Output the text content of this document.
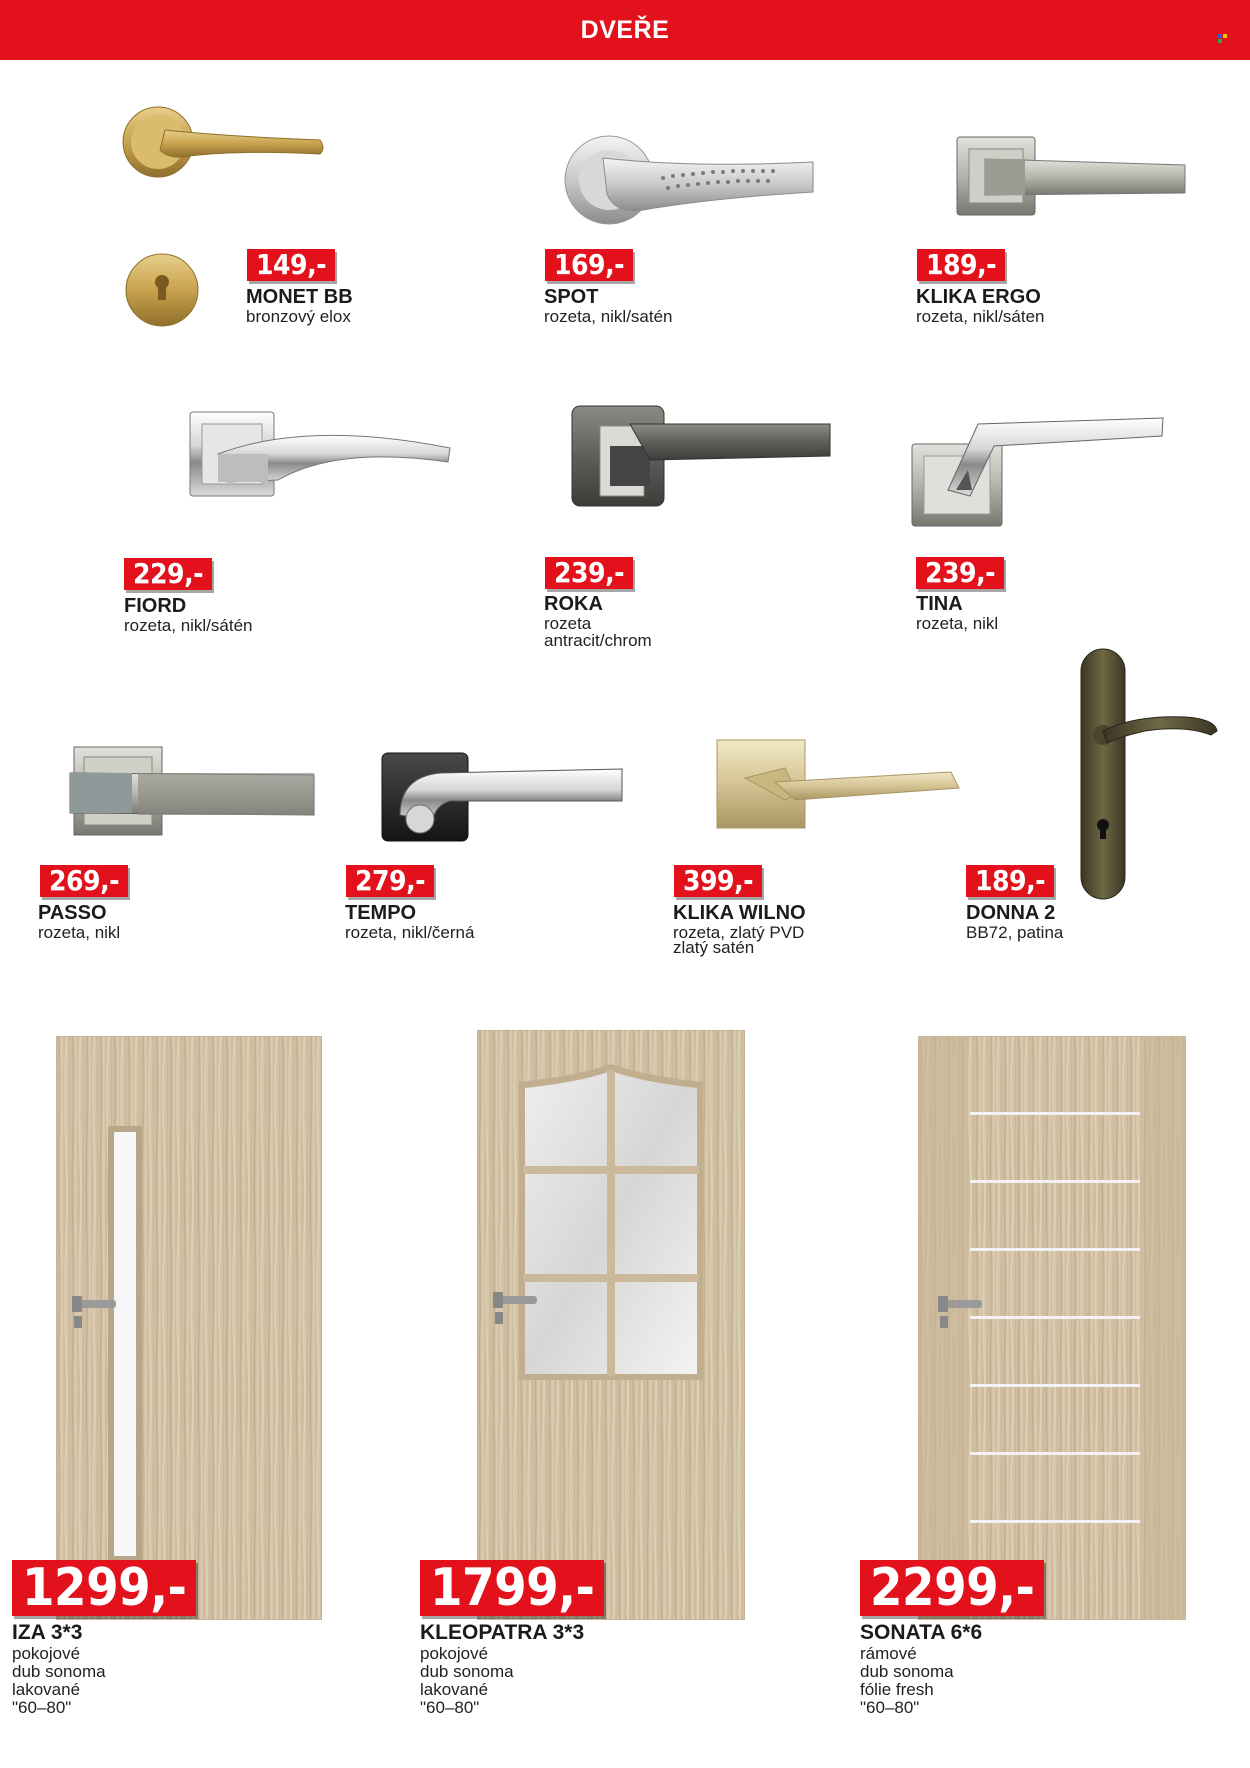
DVEŘE
149,-
MONET BB
bronzový elox
169,-
SPOT
rozeta, nikl/satén
189,-
KLIKA ERGO
rozeta, nikl/sáten
229,-
FIORD
rozeta, nikl/sátén
239,-
ROKA
rozeta
antracit/chrom
239,-
TINA
rozeta, nikl
269,-
PASSO
rozeta, nikl
279,-
TEMPO
rozeta, nikl/černá
399,-
KLIKA WILNO
rozeta, zlatý PVD
zlatý satén
189,-
DONNA 2
BB72, patina
1299,-
IZA 3*3
pokojové
dub sonoma
lakované
"60–80"
1799,-
KLEOPATRA 3*3
pokojové
dub sonoma
lakované
"60–80"
2299,-
SONATA 6*6
rámové
dub sonoma
fólie fresh
"60–80"
